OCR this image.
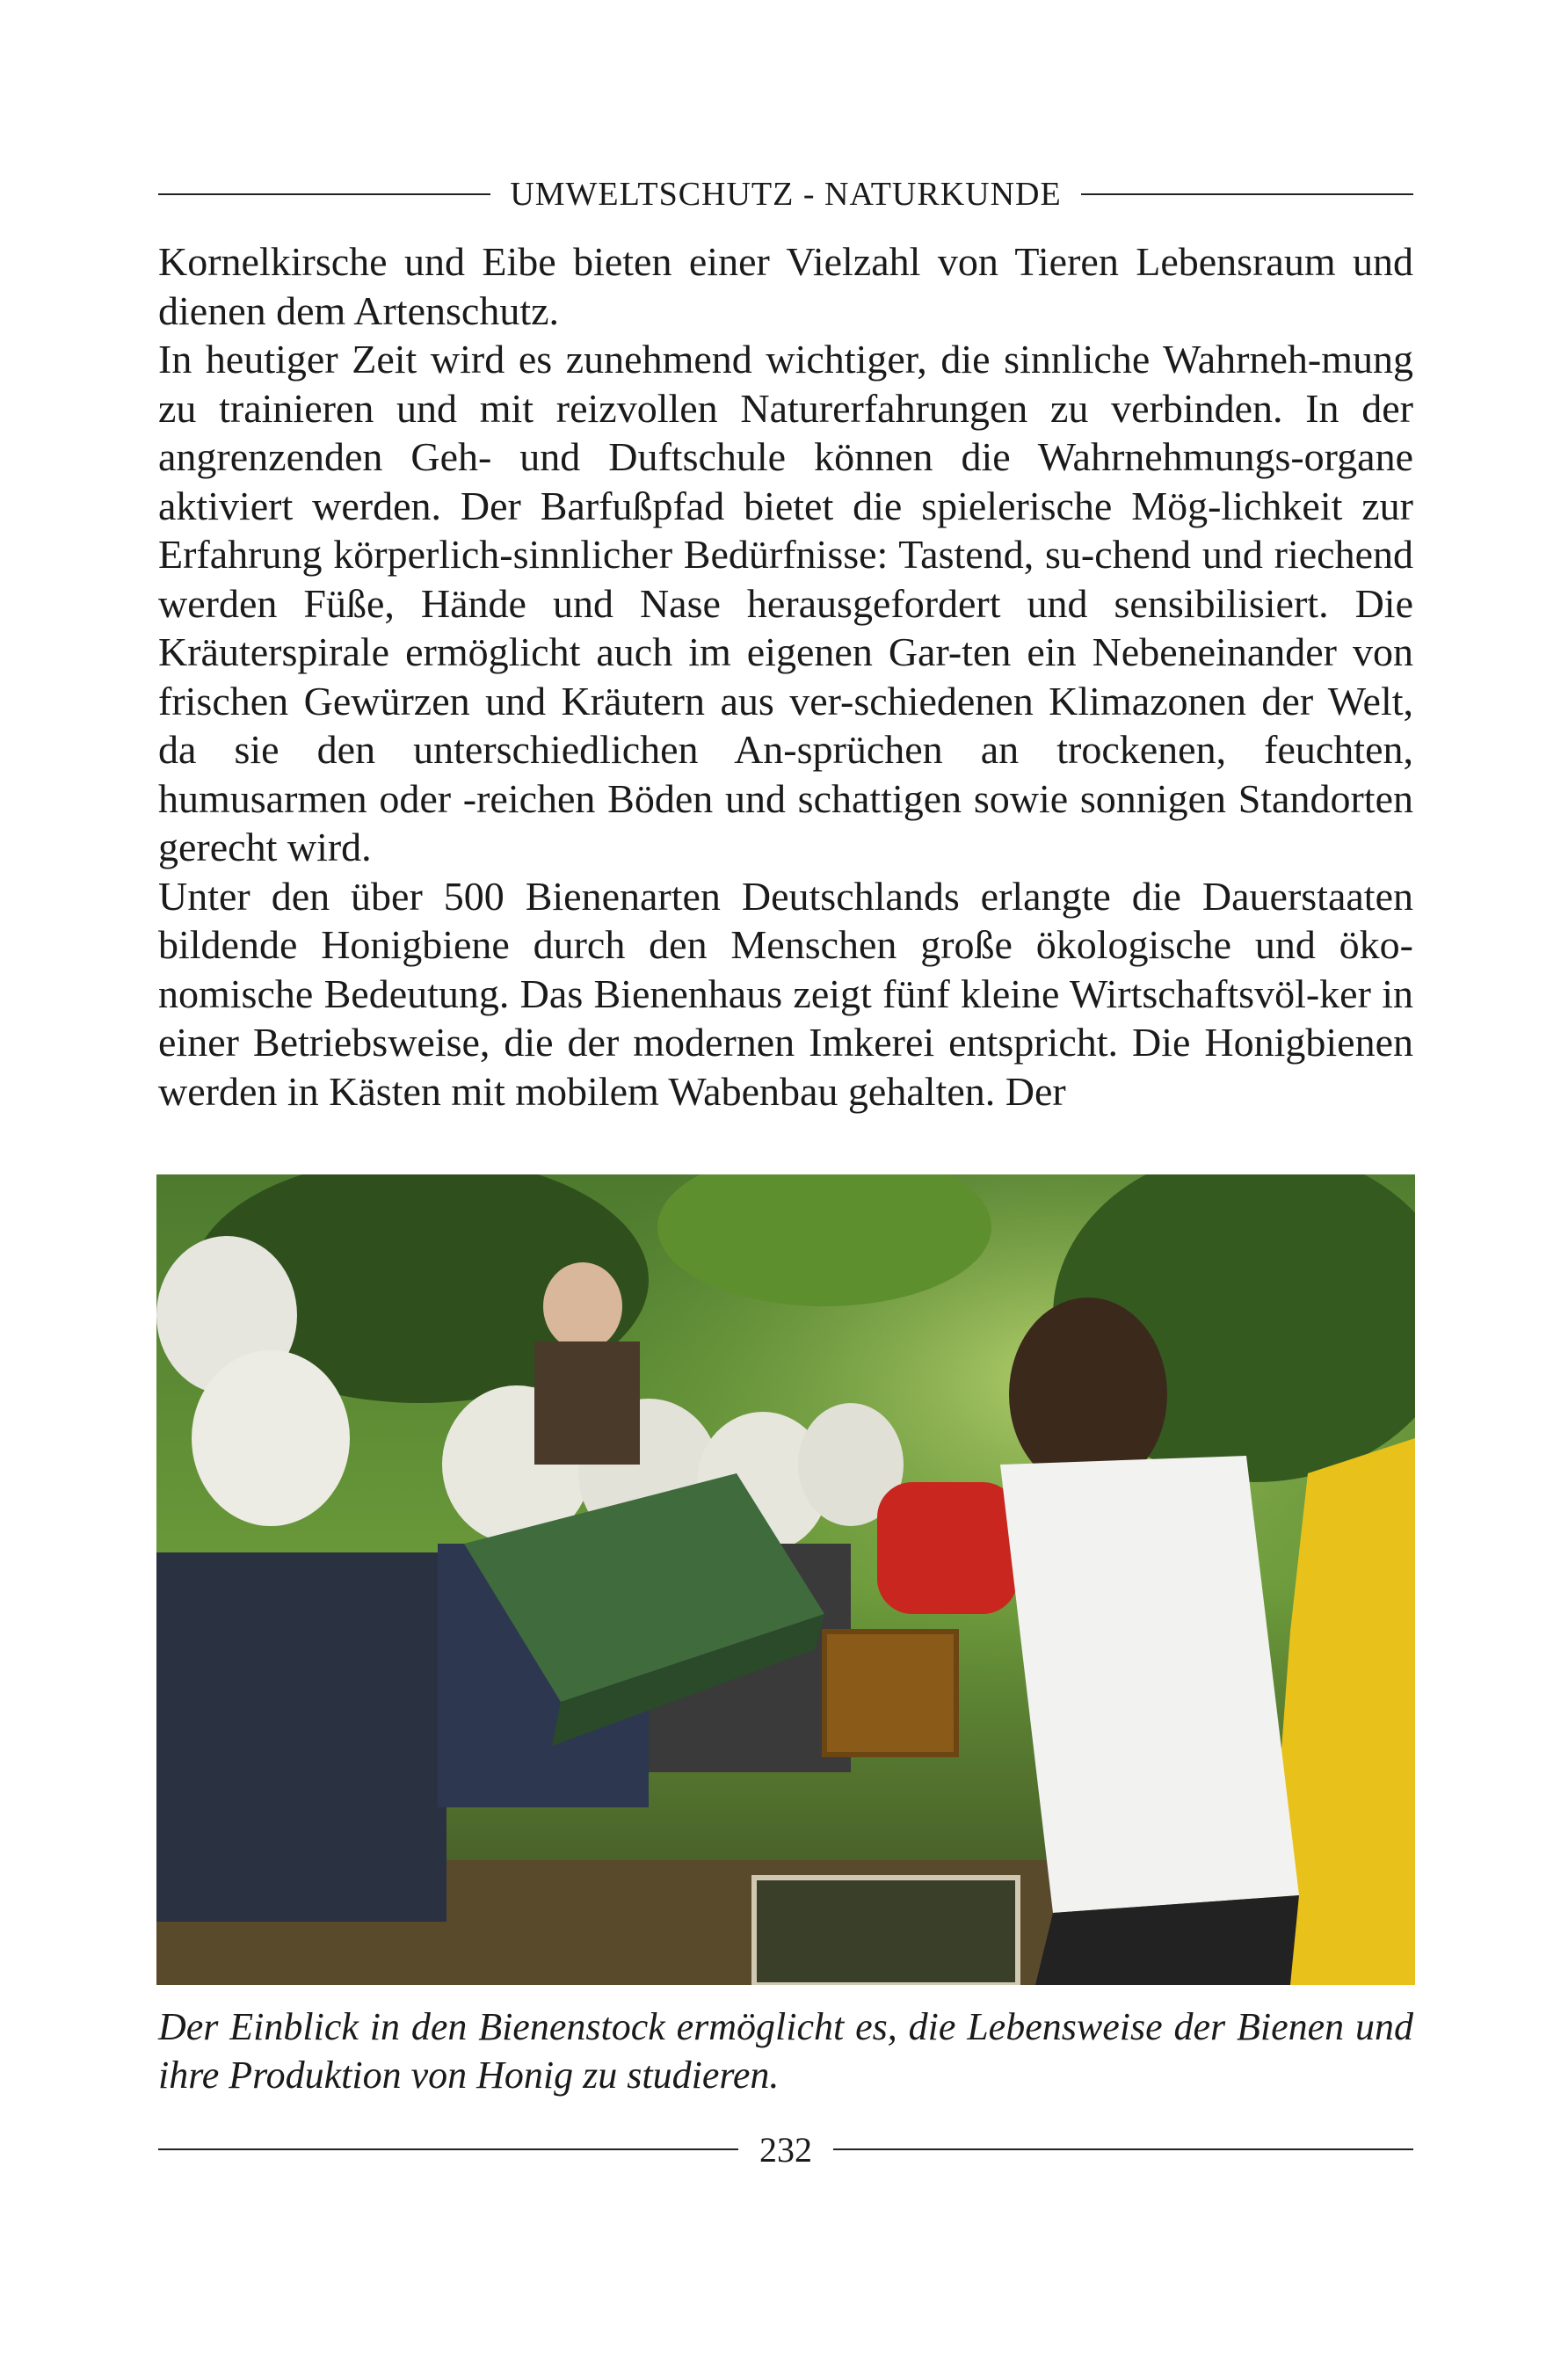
UMWELTSCHUTZ - NATURKUNDE

Kornelkirsche und Eibe bieten einer Vielzahl von Tieren Lebensraum und dienen dem Artenschutz.

In heutiger Zeit wird es zunehmend wichtiger, die sinnliche Wahrneh-mung zu trainieren und mit reizvollen Naturerfahrungen zu verbinden. In der angrenzenden Geh- und Duftschule können die Wahrnehmungs-organe aktiviert werden. Der Barfußpfad bietet die spielerische Mög-lichkeit zur Erfahrung körperlich-sinnlicher Bedürfnisse: Tastend, su-chend und riechend werden Füße, Hände und Nase herausgefordert und sensibilisiert. Die Kräuterspirale ermöglicht auch im eigenen Gar-ten ein Nebeneinander von frischen Gewürzen und Kräutern aus ver-schiedenen Klimazonen der Welt, da sie den unterschiedlichen An-sprüchen an trockenen, feuchten, humusarmen oder -reichen Böden und schattigen sowie sonnigen Standorten gerecht wird.

Unter den über 500 Bienenarten Deutschlands erlangte die Dauerstaaten bildende Honigbiene durch den Menschen große ökologische und öko-nomische Bedeutung. Das Bienenhaus zeigt fünf kleine Wirtschaftsvöl-ker in einer Betriebsweise, die der modernen Imkerei entspricht. Die Honigbienen werden in Kästen mit mobilem Wabenbau gehalten. Der

Der Einblick in den Bienenstock ermöglicht es, die Lebensweise der Bienen und ihre Produktion von Honig zu studieren.
232
